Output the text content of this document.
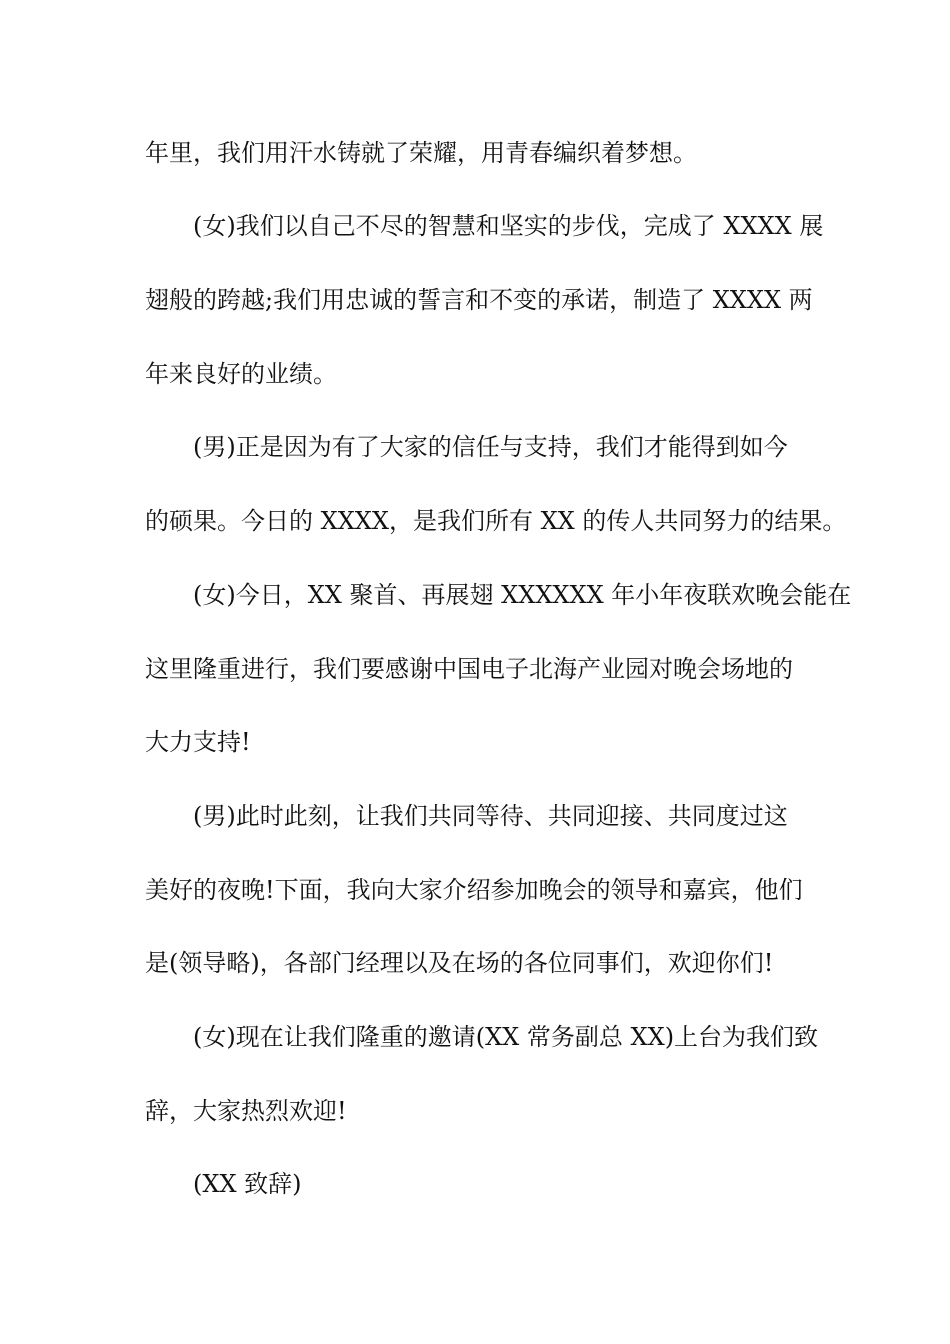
年里，我们用汗水铸就了荣耀，用青春编织着梦想。
(女)我们以自己不尽的智慧和坚实的步伐，完成了 XXXX 展
翅般的跨越;我们用忠诚的誓言和不变的承诺，制造了 XXXX 两
年来良好的业绩。
(男)正是因为有了大家的信任与支持，我们才能得到如今
的硕果。今日的 XXXX，是我们所有 XX 的传人共同努力的结果。
(女)今日，XX 聚首、再展翅 XXXXXX 年小年夜联欢晚会能在
这里隆重进行，我们要感谢中国电子北海产业园对晚会场地的
大力支持!
(男)此时此刻，让我们共同等待、共同迎接、共同度过这
美好的夜晚!下面，我向大家介绍参加晚会的领导和嘉宾，他们
是(领导略)，各部门经理以及在场的各位同事们，欢迎你们!
(女)现在让我们隆重的邀请(XX 常务副总 XX)上台为我们致
辞，大家热烈欢迎!
(XX 致辞)
